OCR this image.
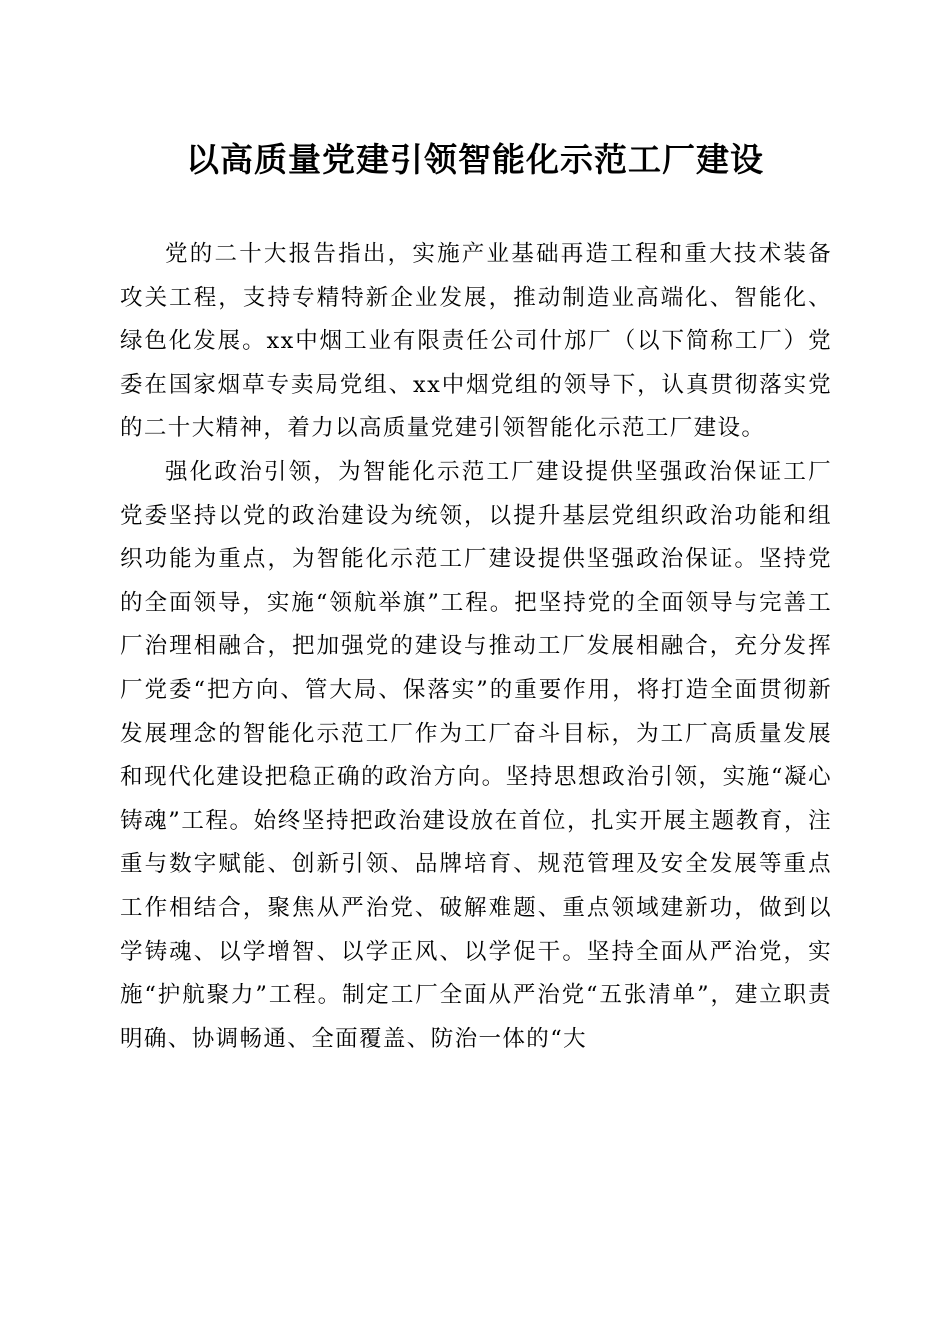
以高质量党建引领智能化示范工厂建设

党的二十大报告指出，实施产业基础再造工程和重大技术装备攻关工程，支持专精特新企业发展，推动制造业高端化、智能化、绿色化发展。xx中烟工业有限责任公司什邡厂（以下简称工厂）党委在国家烟草专卖局党组、xx中烟党组的领导下，认真贯彻落实党的二十大精神，着力以高质量党建引领智能化示范工厂建设。

强化政治引领，为智能化示范工厂建设提供坚强政治保证工厂党委坚持以党的政治建设为统领，以提升基层党组织政治功能和组织功能为重点，为智能化示范工厂建设提供坚强政治保证。坚持党的全面领导，实施“领航举旗”工程。把坚持党的全面领导与完善工厂治理相融合，把加强党的建设与推动工厂发展相融合，充分发挥厂党委“把方向、管大局、保落实”的重要作用，将打造全面贯彻新发展理念的智能化示范工厂作为工厂奋斗目标，为工厂高质量发展和现代化建设把稳正确的政治方向。坚持思想政治引领，实施“凝心铸魂”工程。始终坚持把政治建设放在首位，扎实开展主题教育，注重与数字赋能、创新引领、品牌培育、规范管理及安全发展等重点工作相结合，聚焦从严治党、破解难题、重点领域建新功，做到以学铸魂、以学增智、以学正风、以学促干。坚持全面从严治党，实施“护航聚力”工程。制定工厂全面从严治党“五张清单”，建立职责明确、协调畅通、全面覆盖、防治一体的“大
